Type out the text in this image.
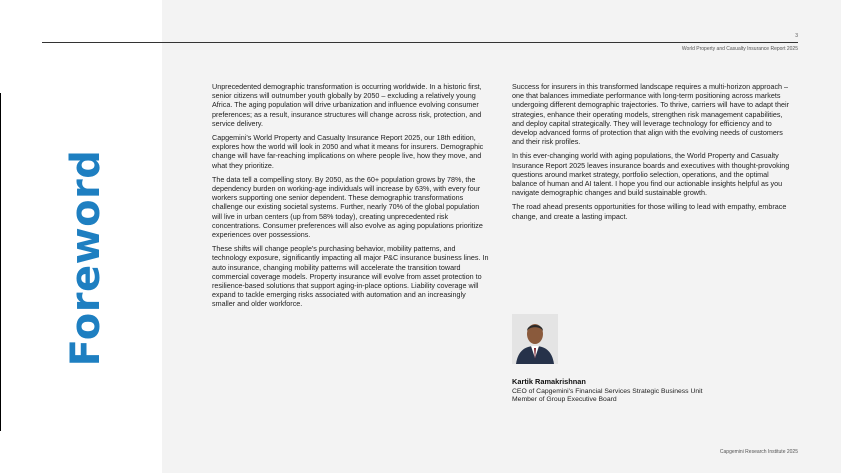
Foreword
3
World Property and Casualty Insurance Report 2025

Unprecedented demographic transformation is occurring worldwide. In a historic first, senior citizens will outnumber youth globally by 2050 – excluding a relatively young Africa. The aging population will drive urbanization and influence evolving consumer preferences; as a result, insurance structures will change across risk, protection, and service delivery.

Capgemini's World Property and Casualty Insurance Report 2025, our 18th edition, explores how the world will look in 2050 and what it means for insurers. Demographic change will have far-reaching implications on where people live, how they move, and what they prioritize.

The data tell a compelling story. By 2050, as the 60+ population grows by 78%, the dependency burden on working-age individuals will increase by 63%, with every four workers supporting one senior dependent. These demographic transformations challenge our existing societal systems. Further, nearly 70% of the global population will live in urban centers (up from 58% today), creating unprecedented risk concentrations. Consumer preferences will also evolve as aging populations prioritize experiences over possessions.

These shifts will change people's purchasing behavior, mobility patterns, and technology exposure, significantly impacting all major P&C insurance business lines. In auto insurance, changing mobility patterns will accelerate the transition toward commercial coverage models. Property insurance will evolve from asset protection to resilience-based solutions that support aging-in-place options. Liability coverage will expand to tackle emerging risks associated with automation and an increasingly smaller and older workforce.

Success for insurers in this transformed landscape requires a multi-horizon approach – one that balances immediate performance with long-term positioning across markets undergoing different demographic trajectories. To thrive, carriers will have to adapt their strategies, enhance their operating models, strengthen risk management capabilities, and deploy capital strategically. They will leverage technology for efficiency and to develop advanced forms of protection that align with the evolving needs of customers and their risk profiles.

In this ever-changing world with aging populations, the World Property and Casualty Insurance Report 2025 leaves insurance boards and executives with thought-provoking questions around market strategy, portfolio selection, operations, and the optimal balance of human and AI talent. I hope you find our actionable insights helpful as you navigate demographic changes and build sustainable growth.

The road ahead presents opportunities for those willing to lead with empathy, embrace change, and create a lasting impact.

Kartik Ramakrishnan
CEO of Capgemini's Financial Services Strategic Business Unit
Member of Group Executive Board
Capgemini Research Institute 2025
